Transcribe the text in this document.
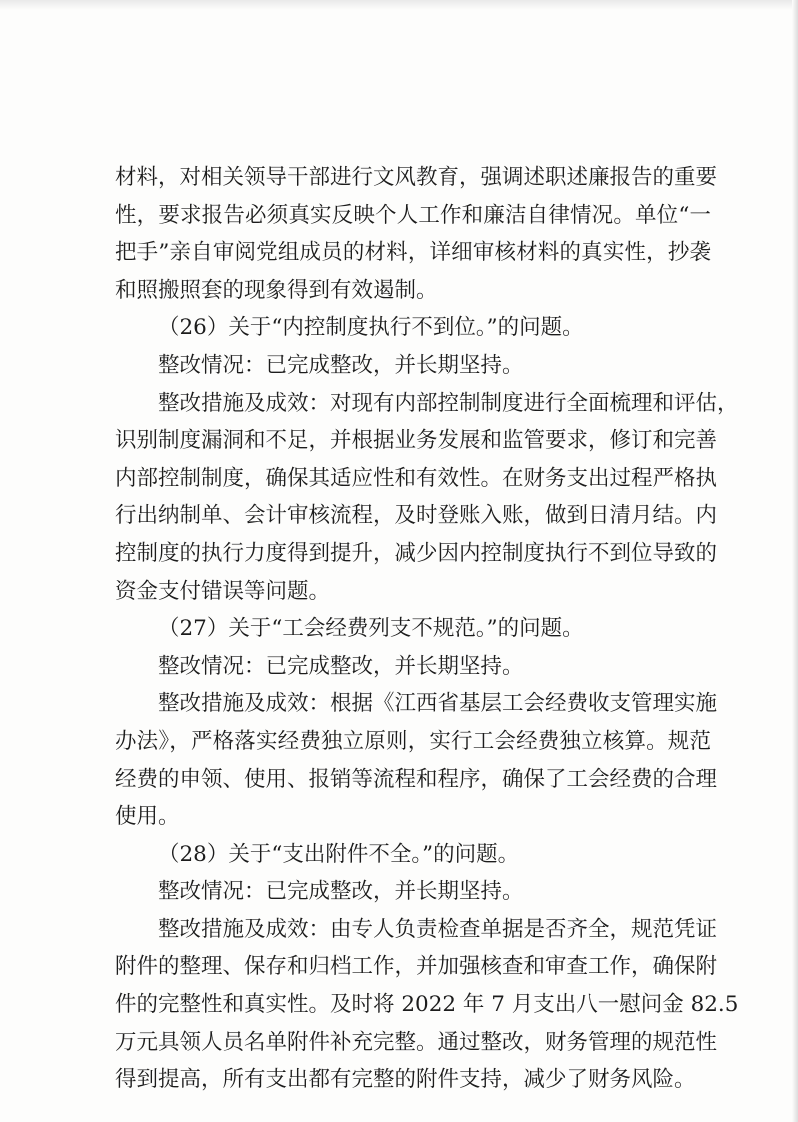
材料，对相关领导干部进行文风教育，强调述职述廉报告的重要
性，要求报告必须真实反映个人工作和廉洁自律情况。单位“一
把手”亲自审阅党组成员的材料，详细审核材料的真实性，抄袭
和照搬照套的现象得到有效遏制。
（26）关于“内控制度执行不到位。”的问题。
整改情况：已完成整改，并长期坚持。
整改措施及成效：对现有内部控制制度进行全面梳理和评估，
识别制度漏洞和不足，并根据业务发展和监管要求，修订和完善
内部控制制度，确保其适应性和有效性。在财务支出过程严格执
行出纳制单、会计审核流程，及时登账入账，做到日清月结。内
控制度的执行力度得到提升，减少因内控制度执行不到位导致的
资金支付错误等问题。
（27）关于“工会经费列支不规范。”的问题。
整改情况：已完成整改，并长期坚持。
整改措施及成效：根据《江西省基层工会经费收支管理实施
办法》，严格落实经费独立原则，实行工会经费独立核算。规范
经费的申领、使用、报销等流程和程序，确保了工会经费的合理
使用。
（28）关于“支出附件不全。”的问题。
整改情况：已完成整改，并长期坚持。
整改措施及成效：由专人负责检查单据是否齐全，规范凭证
附件的整理、保存和归档工作，并加强核查和审查工作，确保附
件的完整性和真实性。及时将 2022 年 7 月支出八一慰问金 82.5
万元具领人员名单附件补充完整。通过整改，财务管理的规范性
得到提高，所有支出都有完整的附件支持，减少了财务风险。
